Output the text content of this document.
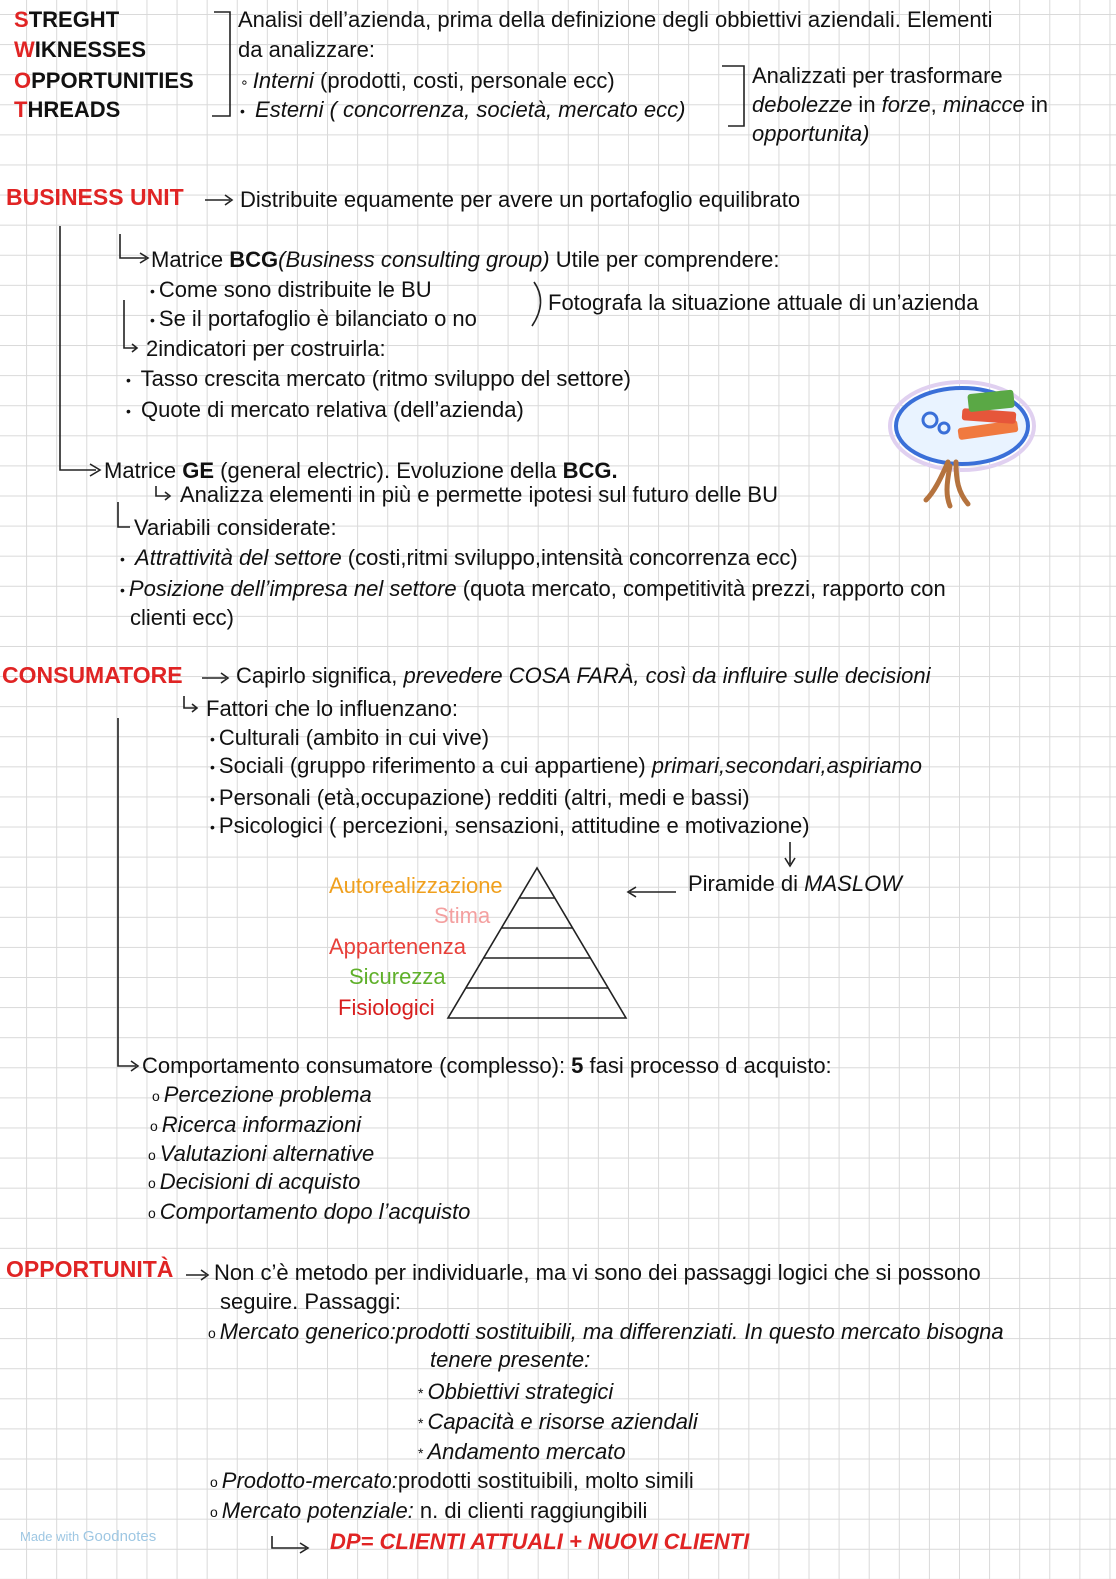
STREGHT
WIKNESSES
OPPORTUNITIES
THREADS
Analisi dell’azienda, prima della definizione degli obbiettivi aziendali. Elementi
da analizzare:
∘ Interni (prodotti, costi, personale ecc)
• Esterni ( concorrenza, società, mercato ecc)
Analizzati per trasformare
debolezze in forze, minacce in
opportunita)
BUSINESS UNIT	Distribuite equamente per avere un portafoglio equilibrato
Matrice BCG(Business consulting group) Utile per comprendere:
• Come sono distribuite le BU
• Se il portafoglio è bilanciato o no
Fotografa la situazione attuale di un’azienda
2indicatori per costruirla:
• Tasso crescita mercato (ritmo sviluppo del settore)
• Quote di mercato relativa (dell’azienda)
Matrice GE (general electric). Evoluzione della BCG.
Analizza elementi in più e permette ipotesi sul futuro delle BU
Variabili considerate:
• Attrattività del settore (costi,ritmi sviluppo,intensità concorrenza ecc)
• Posizione dell’impresa nel settore (quota mercato, competitività prezzi, rapporto con
clienti ecc)
CONSUMATORE Capirlo significa, prevedere COSA FARÀ, così da influire sulle decisioni
Fattori che lo influenzano:
• Culturali (ambito in cui vive)
• Sociali (gruppo riferimento a cui appartiene) primari,secondari,aspiriamo
• Personali (età,occupazione) redditi (altri, medi e bassi)
• Psicologici ( percezioni, sensazioni, attitudine e motivazione)
Piramide di MASLOW
Autorealizzazione
Stima
Appartenenza
Sicurezza
Fisiologici
Comportamento consumatore (complesso): 5 fasi processo d acquisto:
o Percezione problema
o Ricerca informazioni
o Valutazioni alternative
o Decisioni di acquisto
o Comportamento dopo l’acquisto
OPPORTUNITÀ Non c’è metodo per individuarle, ma vi sono dei passaggi logici che si possono
seguire. Passaggi:
o Mercato generico:prodotti sostituibili, ma differenziati. In questo mercato bisogna
tenere presente:
* Obbiettivi strategici
* Capacità e risorse aziendali
* Andamento mercato
o Prodotto-mercato:prodotti sostituibili, molto simili
o Mercato potenziale: n. di clienti raggiungibili
DP= CLIENTI ATTUALI + NUOVI CLIENTI
Made with Goodnotes
